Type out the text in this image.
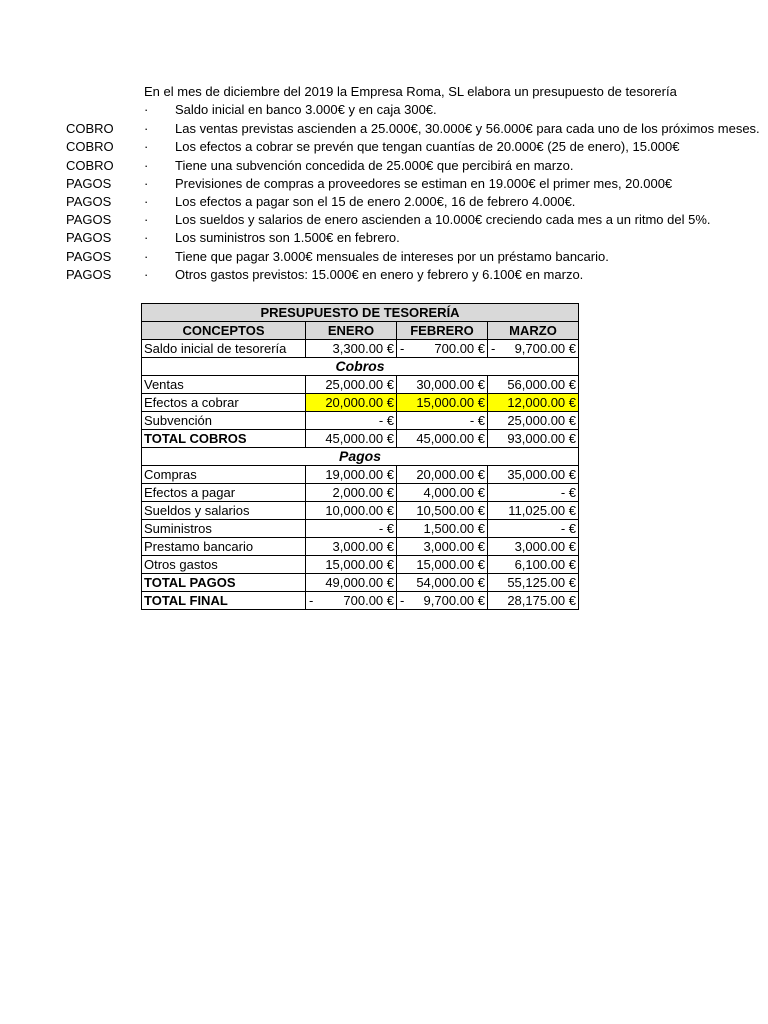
En el mes de diciembre del 2019 la Empresa Roma, SL elabora un presupuesto de tesorería
· Saldo inicial en banco 3.000€ y en caja 300€.
COBRO · Las ventas previstas ascienden a 25.000€, 30.000€ y 56.000€ para cada uno de los próximos meses.
COBRO · Los efectos a cobrar se prevén que tengan cuantías de 20.000€ (25 de enero), 15.000€
COBRO · Tiene una subvención concedida de 25.000€ que percibirá en marzo.
PAGOS	· Previsiones de compras a proveedores se estiman en 19.000€ el primer mes, 20.000€
PAGOS	· Los efectos a pagar son el 15 de enero 2.000€, 16 de febrero 4.000€.
PAGOS	· Los sueldos y salarios de enero ascienden a 10.000€ creciendo cada mes a un ritmo del 5%.
PAGOS	· Los suministros son 1.500€ en febrero.
PAGOS	· Tiene que pagar 3.000€ mensuales de intereses por un préstamo bancario.
PAGOS	· Otros gastos previstos: 15.000€ en enero y febrero y 6.100€ en marzo.
PRESUPUESTO DE TESORERÍA			
CONCEPTOS	ENERO	FEBRERO	MARZO
Saldo inicial de tesorería	3,300.00 €	- 700.00 €	- 9,700.00 €
Cobros			
Ventas	25,000.00 €	30,000.00 €	56,000.00 €
Efectos a cobrar	20,000.00 €	15,000.00 €	12,000.00 €
Subvención	- €	- €	25,000.00 €
TOTAL COBROS	45,000.00 €	45,000.00 €	93,000.00 €
Pagos			
Compras	19,000.00 €	20,000.00 €	35,000.00 €
Efectos a pagar	2,000.00 €	4,000.00 €	- €
Sueldos y salarios	10,000.00 €	10,500.00 €	11,025.00 €
Suministros	- €	1,500.00 €	- €
Prestamo bancario	3,000.00 €	3,000.00 €	3,000.00 €
Otros gastos	15,000.00 €	15,000.00 €	6,100.00 €
TOTAL PAGOS	49,000.00 €	54,000.00 €	55,125.00 €
TOTAL FINAL	- 700.00 €	- 9,700.00 €	28,175.00 €
